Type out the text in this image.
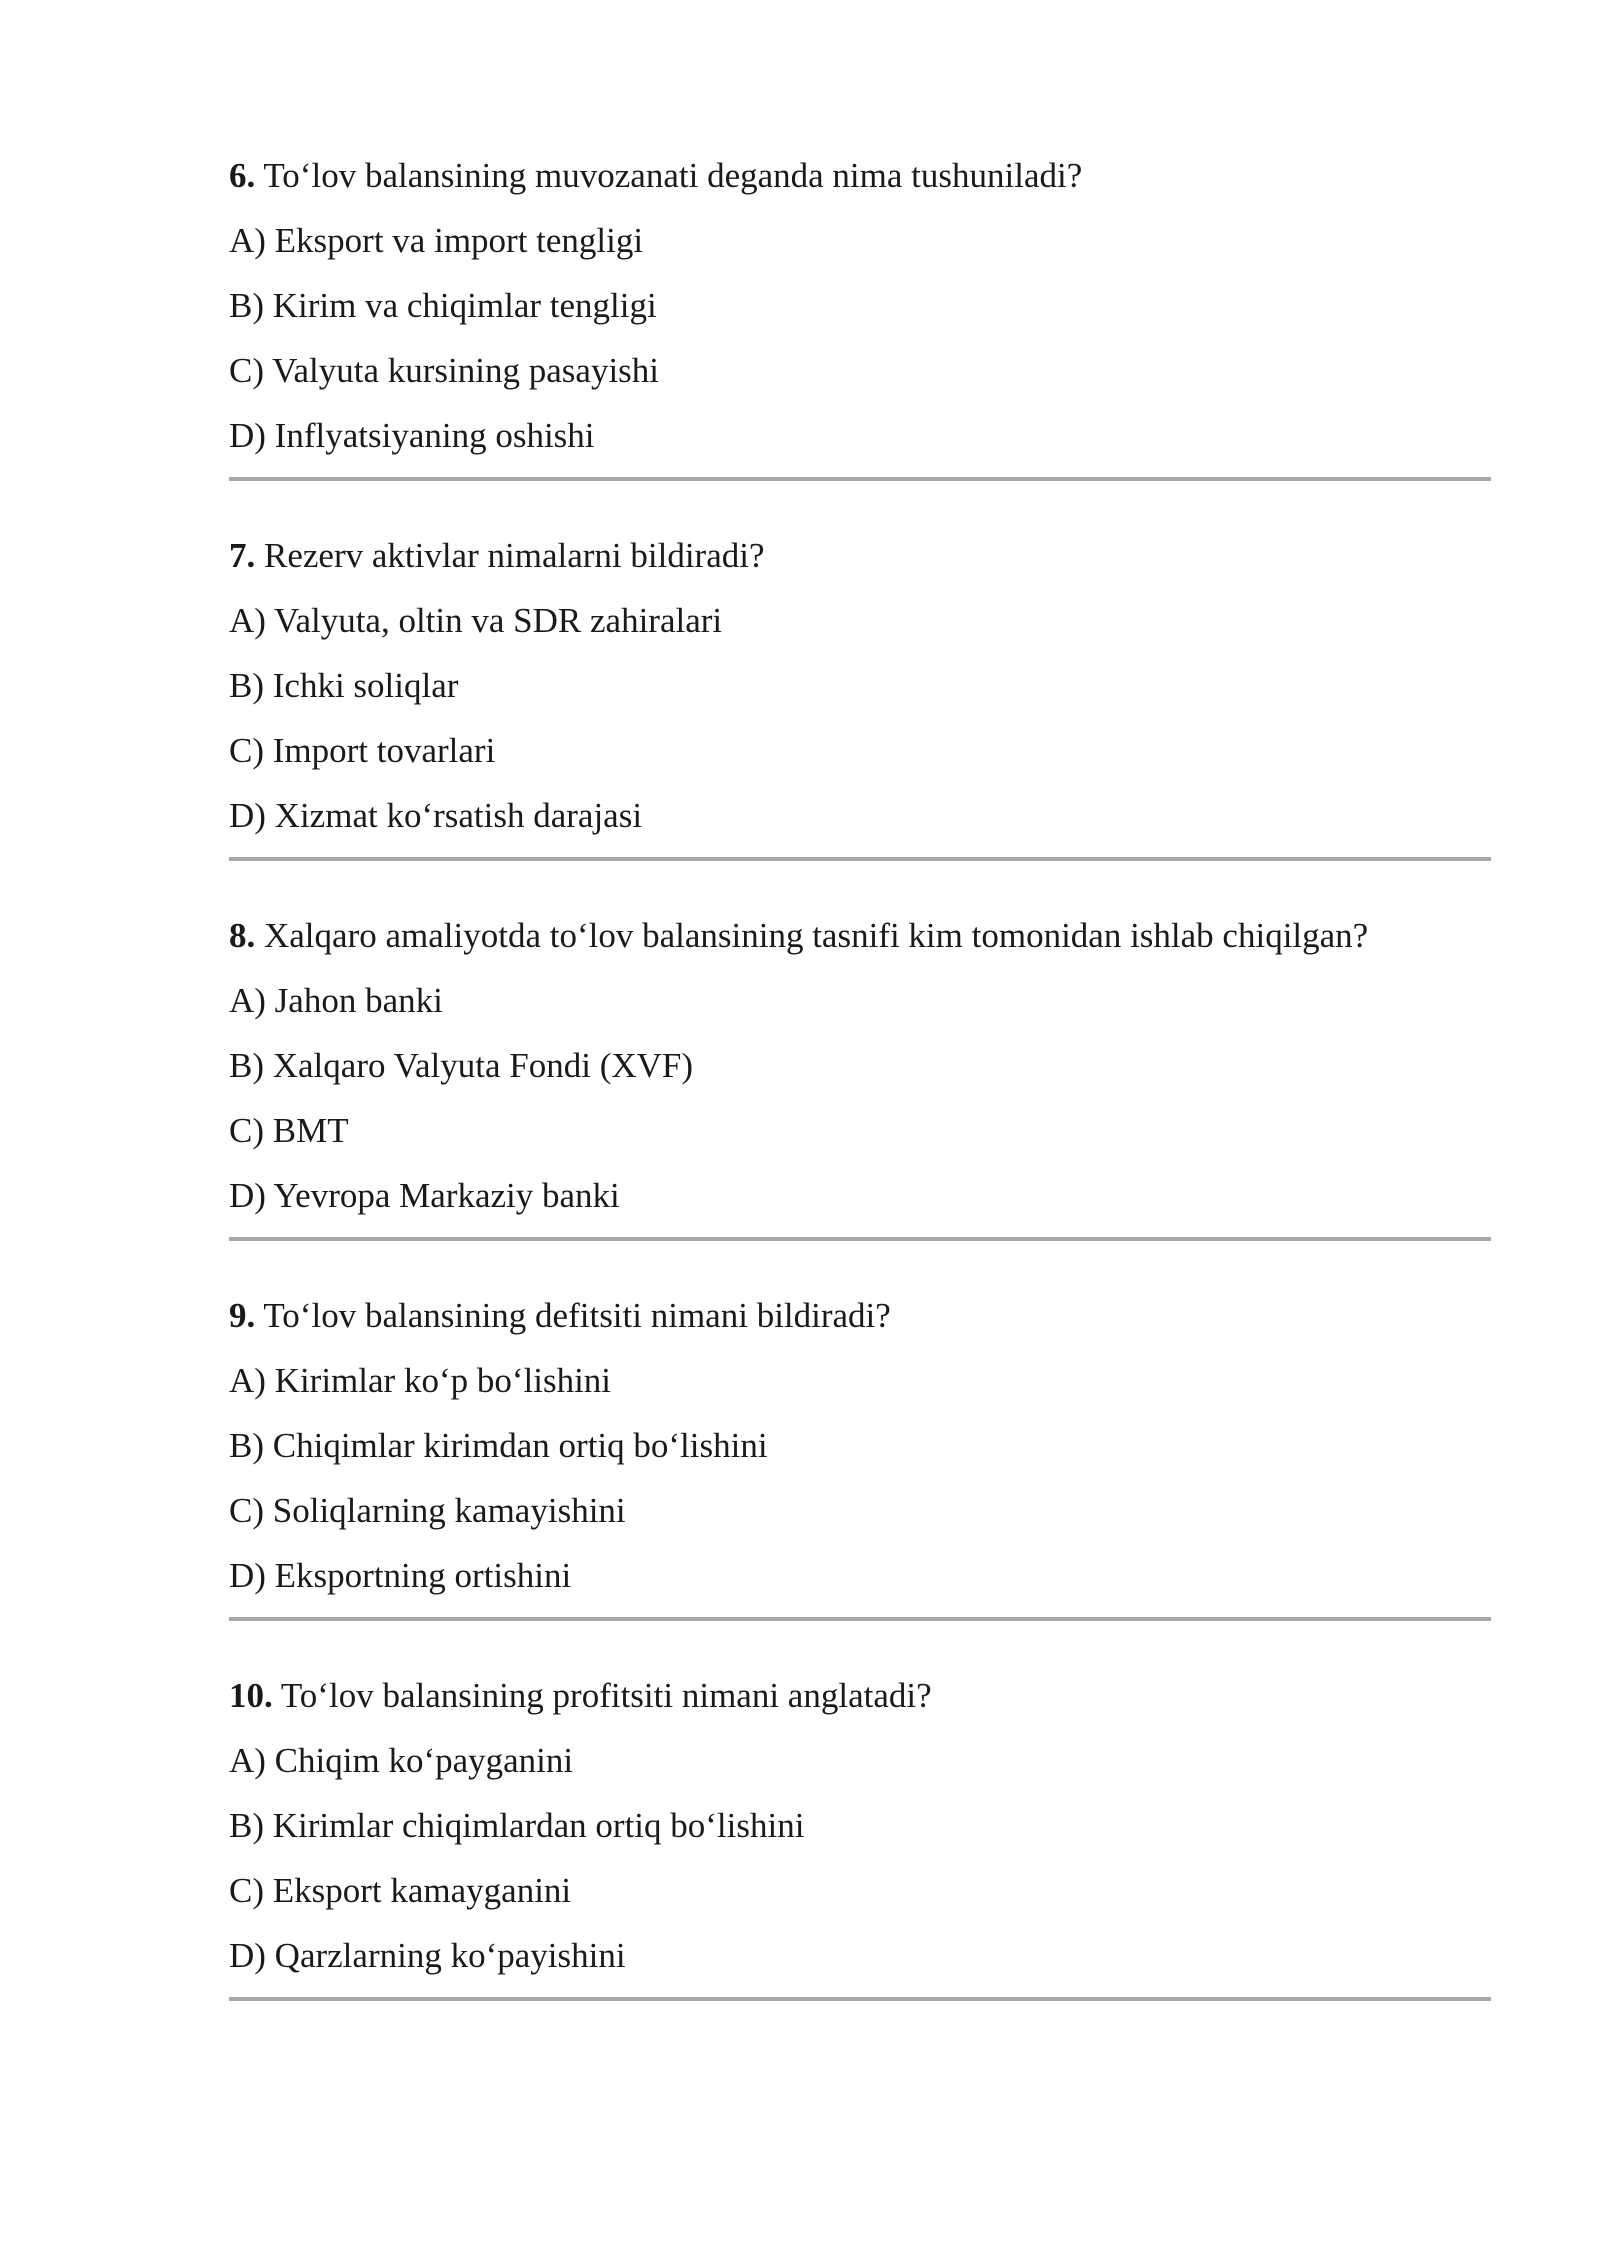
6. To‘lov balansining muvozanati deganda nima tushuniladi?
A) Eksport va import tengligi
B) Kirim va chiqimlar tengligi
C) Valyuta kursining pasayishi
D) Inflyatsiyaning oshishi
7. Rezerv aktivlar nimalarni bildiradi?
A) Valyuta, oltin va SDR zahiralari
B) Ichki soliqlar
C) Import tovarlari
D) Xizmat ko‘rsatish darajasi
8. Xalqaro amaliyotda to‘lov balansining tasnifi kim tomonidan ishlab chiqilgan?
A) Jahon banki
B) Xalqaro Valyuta Fondi (XVF)
C) BMT
D) Yevropa Markaziy banki
9. To‘lov balansining defitsiti nimani bildiradi?
A) Kirimlar ko‘p bo‘lishini
B) Chiqimlar kirimdan ortiq bo‘lishini
C) Soliqlarning kamayishini
D) Eksportning ortishini
10. To‘lov balansining profitsiti nimani anglatadi?
A) Chiqim ko‘payganini
B) Kirimlar chiqimlardan ortiq bo‘lishini
C) Eksport kamayganini
D) Qarzlarning ko‘payishini
